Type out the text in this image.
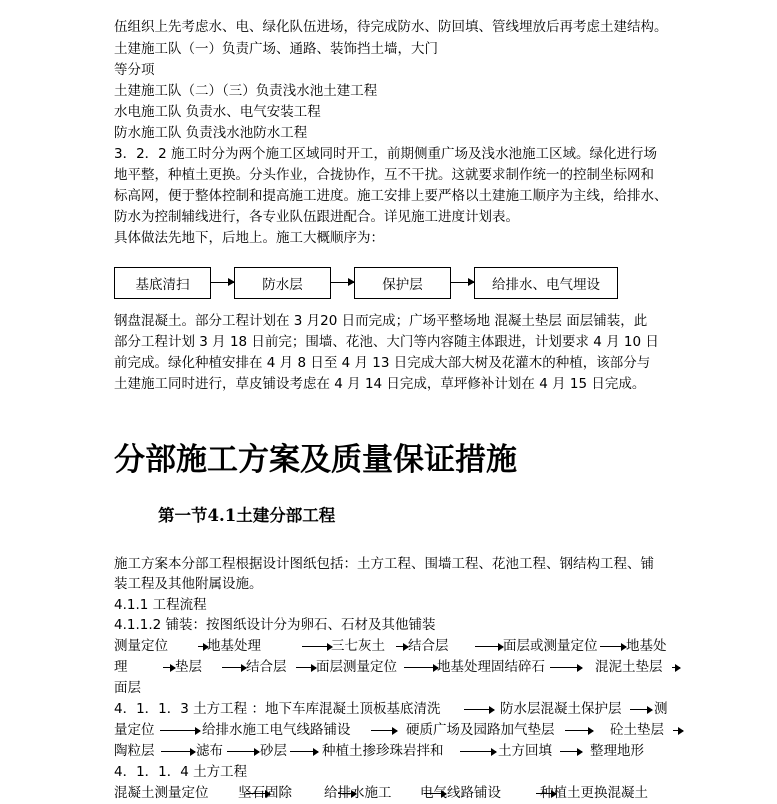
伍组织上先考虑水、电、绿化队伍进场，待完成防水、防回填、管线埋放后再考虑土建结构。
土建施工队（一）负责广场、通路、装饰挡土墙，大门
等分项
土建施工队（二）（三）负责浅水池土建工程
水电施工队 负责水、电气安装工程
防水施工队 负责浅水池防水工程
3．2．2 施工时分为两个施工区域同时开工，前期侧重广场及浅水池施工区域。绿化进行场
地平整，种植土更换。分头作业，合拢协作，互不干扰。这就要求制作统一的控制坐标网和
标高网，便于整体控制和提高施工进度。施工安排上要严格以土建施工顺序为主线，给排水、
防水为控制辅线进行，各专业队伍跟进配合。详见施工进度计划表。
具体做法先地下，后地上。施工大概顺序为：
基底清扫	防水层	保护层	给排水、电气埋设
钢盘混凝土。部分工程计划在 3 月20 日而完成；广场平整场地 混凝土垫层 面层铺装，此
部分工程计划 3 月 18 日前完；围墙、花池、大门等内容随主体跟进，计划要求 4 月 10 日
前完成。绿化种植安排在 4 月 8 日至 4 月 13 日完成大部大树及花灌木的种植，该部分与
土建施工同时进行，草皮铺设考虑在 4 月 14 日完成，草坪修补计划在 4 月 15 日完成。
分部施工方案及质量保证措施
第一节4.1土建分部工程
施工方案本分部工程根据设计图纸包括：土方工程、围墙工程、花池工程、钢结构工程、铺
装工程及其他附属设施。
4.1.1 工程流程
4.1.1.2 铺装：按图纸设计分为卵石、石材及其他铺装
测量定位	地基处理	三七灰土 结合层	面层或测量定位 地基处
理	垫层	结合层 面层测量定位	地基处理固结碎石	混泥土垫层
面层
4．1．1．3 土方工程 ：地下车库混凝土顶板基底清洗	防水层混凝土保护层 测
量定位	给排水施工电气线路铺设	硬质广场及园路加气垫层	砼土垫层
陶粒层	滤布	砂层	种植土掺珍珠岩拌和	土方回填	整理地形
4．1．1．4 土方工程
混凝土测量定位 坚石固除 给排水施工 电气线路铺设	种植土更换混凝土
